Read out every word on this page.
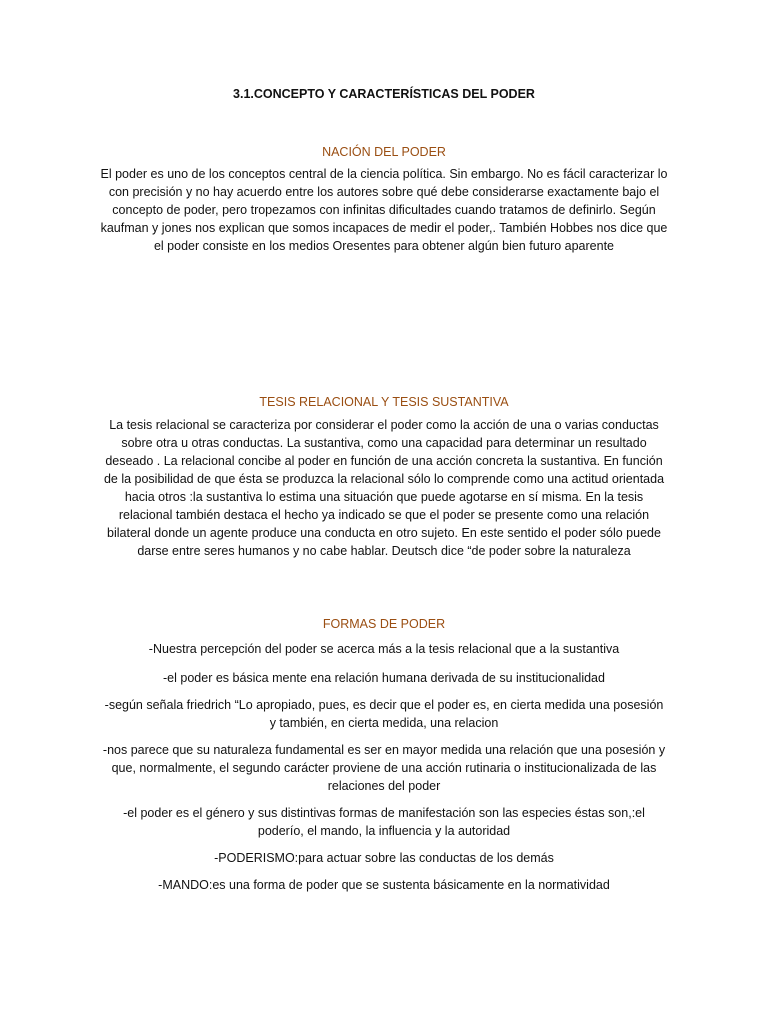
3.1.CONCEPTO Y CARACTERÍSTICAS DEL PODER

NACIÓN DEL PODER

El poder es uno de los conceptos central de la ciencia política. Sin embargo. No es fácil caracterizar lo con precisión y no hay acuerdo entre los autores sobre qué debe considerarse exactamente bajo el concepto de poder, pero tropezamos con infinitas dificultades cuando tratamos de definirlo. Según kaufman y jones nos explican que somos incapaces de medir el poder,. También Hobbes nos dice que el poder consiste en los medios Oresentes para obtener algún bien futuro aparente

TESIS RELACIONAL Y TESIS SUSTANTIVA

La tesis relacional se caracteriza por considerar el poder como la acción de una o varias conductas sobre otra u otras conductas. La sustantiva, como una capacidad para determinar un resultado deseado . La relacional concibe al poder en función de una acción concreta la sustantiva. En función de la posibilidad de que ésta se produzca la relacional sólo lo comprende como una actitud orientada hacia otros :la sustantiva lo estima una situación que puede agotarse en sí misma. En la tesis relacional también destaca el hecho ya indicado se que el poder se presente como una relación bilateral donde un agente produce una conducta en otro sujeto. En este sentido el poder sólo puede darse entre seres humanos y no cabe hablar. Deutsch dice “de poder sobre la naturaleza

FORMAS DE PODER

-Nuestra percepción del poder se acerca más a la tesis relacional que a la sustantiva

-el poder es básica mente ena relación humana derivada de su institucionalidad

-según señala friedrich “Lo apropiado, pues, es decir que el poder es, en cierta medida una posesión y también, en cierta medida, una relacion

-nos parece que su naturaleza fundamental es ser en mayor medida una relación que una posesión y que, normalmente, el segundo carácter proviene de una acción rutinaria o institucionalizada de las relaciones del poder

-el poder es el género y sus distintivas formas de manifestación son las especies éstas son,:el poderío, el mando, la influencia y la autoridad

-PODERISMO:para actuar sobre las conductas de los demás

-MANDO:es una forma de poder que se sustenta básicamente en la normatividad
